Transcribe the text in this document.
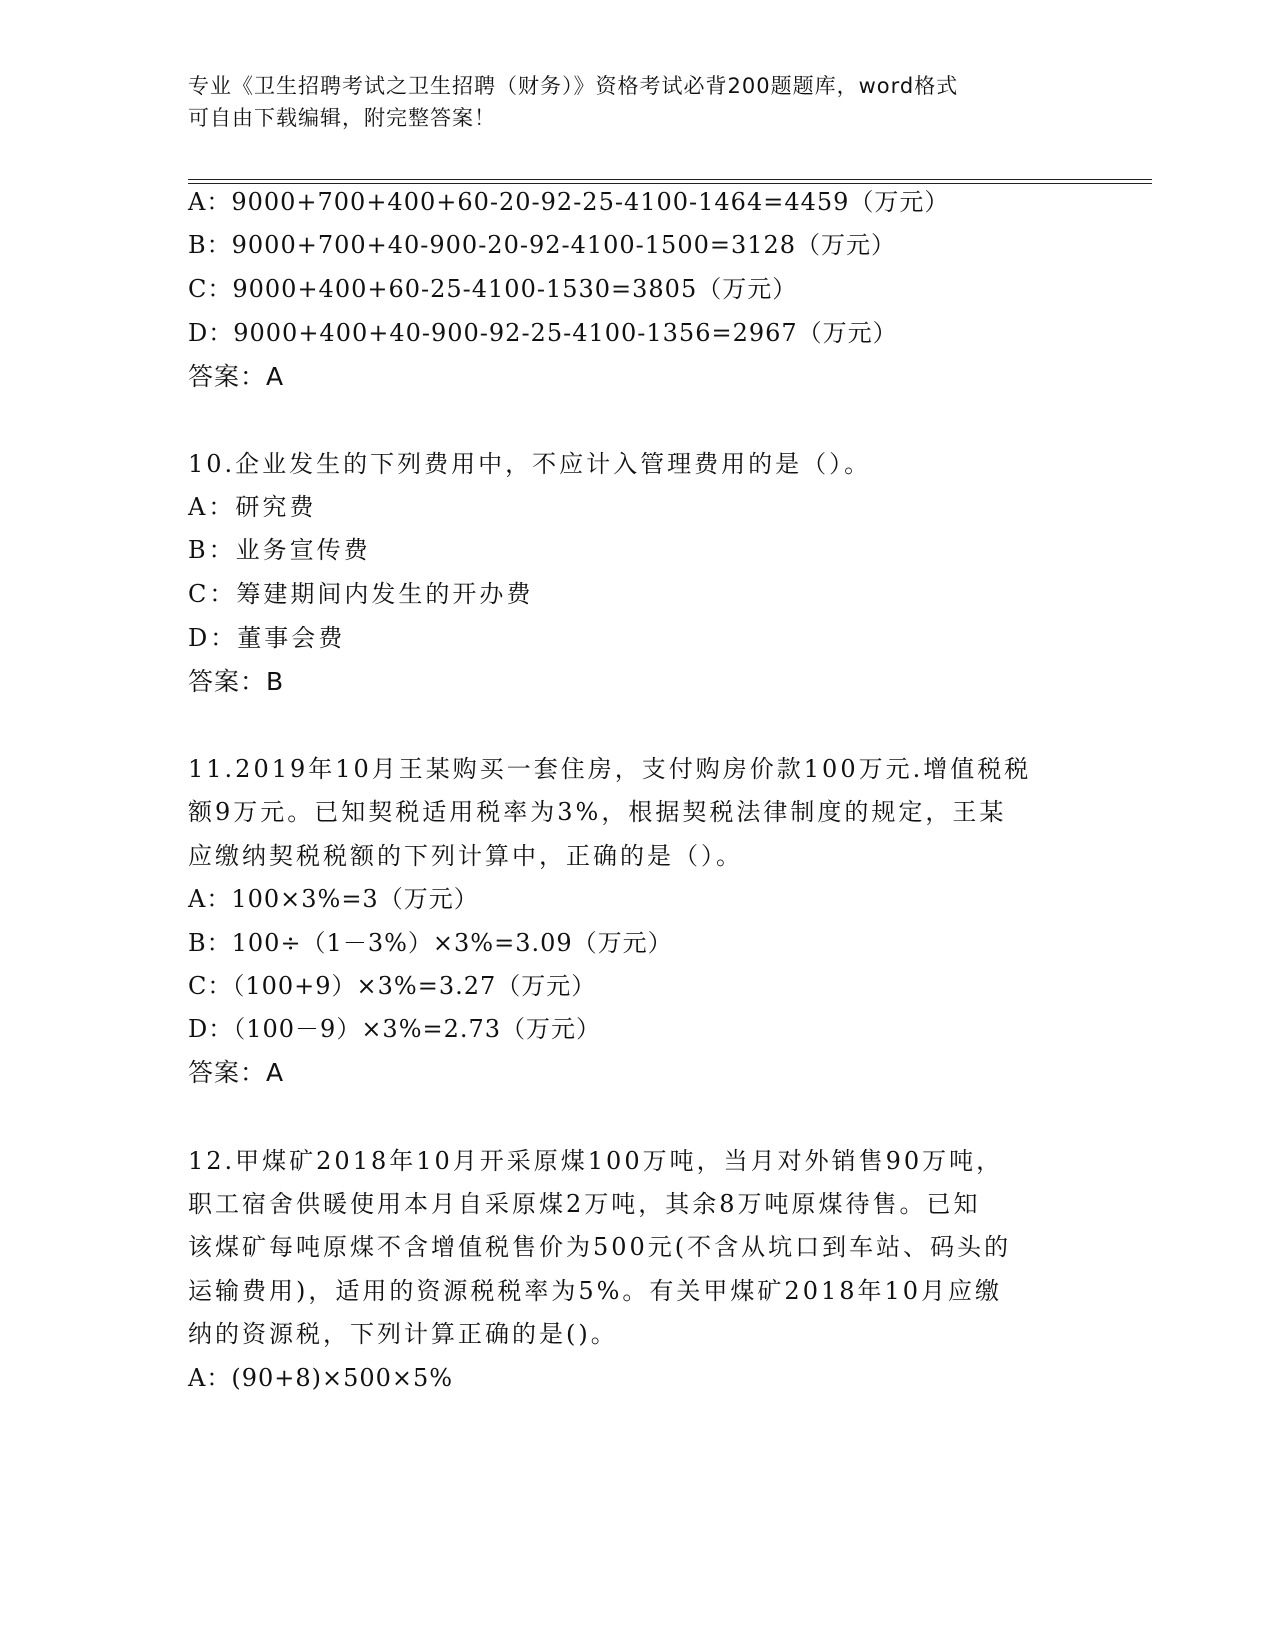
专业《卫生招聘考试之卫生招聘（财务）》资格考试必背200题题库，word格式
可自由下载编辑，附完整答案！
A：9000+700+400+60-20-92-25-4100-1464=4459（万元）
B：9000+700+40-900-20-92-4100-1500=3128（万元）
C：9000+400+60-25-4100-1530=3805（万元）
D：9000+400+40-900-92-25-4100-1356=2967（万元）
答案：A
10.企业发生的下列费用中，不应计入管理费用的是（）。
A：研究费
B：业务宣传费
C：筹建期间内发生的开办费
D：董事会费
答案：B
11.2019年10月王某购买一套住房，支付购房价款100万元.增值税税
额9万元。已知契税适用税率为3%，根据契税法律制度的规定，王某
应缴纳契税税额的下列计算中，正确的是（）。
A：100×3%=3（万元）
B：100÷（1－3%）×3%=3.09（万元）
C：（100+9）×3%=3.27（万元）
D：（100－9）×3%=2.73（万元）
答案：A
12.甲煤矿2018年10月开采原煤100万吨，当月对外销售90万吨，
职工宿舍供暖使用本月自采原煤2万吨，其余8万吨原煤待售。已知
该煤矿每吨原煤不含增值税售价为500元(不含从坑口到车站、码头的
运输费用)，适用的资源税税率为5%。有关甲煤矿2018年10月应缴
纳的资源税，下列计算正确的是()。
A：(90+8)×500×5%
